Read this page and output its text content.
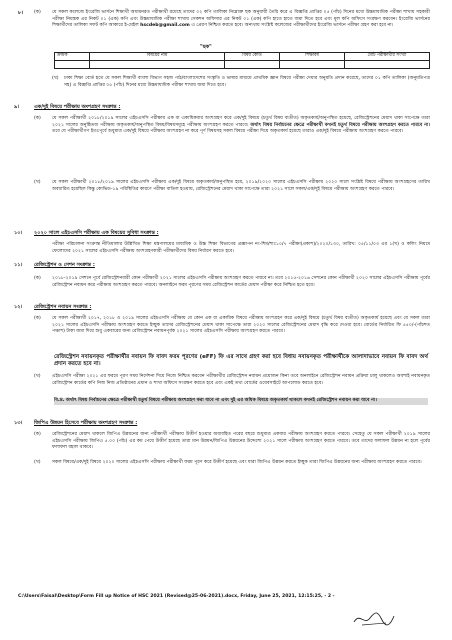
৮। (ক) যে সকল কলেজে ইংরেজি ভার্সনে শিক্ষার্থী অধ্যয়নরত পরীক্ষার্থী রয়েছে তাদের ০২ কপি তালিকা নিম্নোক্ত ছক অনুযায়ী তৈরি করে এ বিজ্ঞপ্তি প্রাপ্তির ০৫ (পাঁচ) দিনের মধ্যে উচ্চমাধ্যমিক পরীক্ষা শাখায় সহকারী পরীক্ষা নিয়ন্ত্রক এর নিকট ০১ (এক) কপি এবং উচ্চমাধ্যমিক পরীক্ষা শাখায় সেকশন অফিসার এর নিকট ০১ (এক) কপি হাতে হাতে জমা দিতে হবে এবং মূল কপি অফিসে সংরক্ষণ করবেন। ইংরেজি ভার্সনের শিক্ষার্থীদের তালিকা সফট কপি আকারে ই-মেইল hscdeb@gmail.com এ প্রেরণ নিশ্চিত করতে হবে। অন্যথায় সংশ্লিষ্ট কলেজের পরীক্ষার্থীদের ইংরেজি ভার্সনে পরীক্ষা গ্রহণ করা হবে না।
"ছক"
ক্রমিক	বিষয়ের নাম	বিষয় কোড	শিক্ষাবর্ষ	মোট পরীক্ষার্থীর সংখ্যা

(খ) ঢাকা শিক্ষা বোর্ড হতে যে সকল শিক্ষার্থী বাংলা বিভাগ সহজ পাঠ/বাংলাদেশের সংস্কৃতি ও ভাষার মাধ্যমে প্রাথমিক জ্ঞান বিষয়ে পরীক্ষা দেয়ার অনুমতি প্রদান করেছে, তাদের ০১ কপি তালিকা (অনুমতিপত্র সহ) এ বিজ্ঞপ্তি প্রাপ্তির ০৫ (পাঁচ) দিনের মধ্যে উচ্চমাধ্যমিক পরীক্ষা শাখায় জমা দিতে হবে।
৯।	এক/দুই বিষয়ে পরীক্ষায় অংশগ্রহণ সংক্রান্ত :
(ক) যে সকল পরীক্ষার্থী ২০১৮/২০১৯ সালের এইচএসসি পরীক্ষায় এক বা একাধিকবার অংশগ্রহণ করে এক/দুই বিষয়ে (চতুর্থ বিষয় ব্যতীত) অকৃতকার্য/অনুপস্থিত হয়েছে, রেজিস্ট্রেশনের মেয়াদ থাকা সাপেক্ষে তারা ২০২১ সালের অনুষ্ঠিতব্য পরীক্ষায় অকৃতকার্য/অনুপস্থিত বিষয়/বিষয়সমূহে পরীক্ষায় অংশগ্রহণ করতে পারবে। অর্থাৎ বিষয় নির্বাচনের ক্ষেত্রে পরীক্ষার্থী কখনই চতুর্থ বিষয়ে পরীক্ষায় অংশগ্রহণ করতে পারবে না। তবে যে পরীক্ষার্থীগণ ইতঃপূর্বে শুধুমাত্র এক/দুই বিষয়ে পরীক্ষায় অংশগ্রহণ না করে পূর্ণ বিষয়সহ সকল বিষয়ে পরীক্ষা দিয়ে অকৃতকার্য হয়েছে তারাও এক/দুই বিষয়ে পরীক্ষায় অংশগ্রহণ করতে পারবে।
(খ) যে সকল পরীক্ষার্থী ২০১৮/২০১৯ সালের এইচএসসি পরীক্ষায় এক/দুই বিষয়ে অকৃতকার্য/অনুপস্থিত হয়ে, ২০১৯/২০২০ সালের এইচএসসি পরীক্ষায় ২০২০ সালে সংশ্লিষ্ট বিষয়ে পরীক্ষায় অংশগ্রহণের তারিখ অবধারিত হয়েছিল কিন্তু কোভিড-১৯ পরিস্থিতির কারণে পরীক্ষা বাতিল হওয়ায়, রেজিস্ট্রেশনের মেয়াদ থাকা সাপেক্ষে তারা ২০২১ সালে সকল/এক/দুই বিষয়ে পরীক্ষায় অংশগ্রহণ করতে পারবে।
১০। ২০২০ সালে এইচএসসি পরীক্ষায় এক বিষয়ের সুবিধা সংক্রান্ত :
পরীক্ষা পরিচালনা সংক্রান্ত নীতিমালার উল্লিখিত শিক্ষা মন্ত্রণালয়ের মাধ্যমিক ও উচ্চ শিক্ষা বিভাগের প্রজ্ঞাপন নং-শিম/শাঃ১০/৭ পরীক্ষা(প্রকাশ)/২০২০/১৩০, তারিখ: ০৫/১১/০৩ এর ১(খ) ও কলিং নিয়মে ফেলোদের ২০২১ সালের এইচএসসি পরীক্ষায় অংশগ্রহণকারী পরীক্ষার্থীদের বিষয় নির্ধারণ করতে হবে।
১১। রেজিস্ট্রেশন ও সেশন সংক্রান্ত :
(ক) ২০১৮-২০১৯ সেশনে পূর্বে রেজিস্ট্রেশনধারী কোন পরীক্ষার্থী ২০২১ সালের এইচএসসি পরীক্ষায় অংশগ্রহণ করতে পারবে না। তবে ২০১৫-২০১৬ সেশনের কোন পরীক্ষার্থী ২০২০ সালের এইচএসসি পরীক্ষায় পূর্বের রেজিস্ট্রেশন নবায়ন করে পরীক্ষায় অংশগ্রহণ করতে পারবে। অনলাইনে ফরম পূরণের সময় রেজিস্ট্রেশন কার্ডের মেয়াদ পরীক্ষা করে নিশ্চিত হতে হবে।
১২। রেজিস্ট্রেশন নবায়ন সংক্রান্ত :
(ক) যে সকল পরীক্ষার্থী ২০১৭, ২০১৮ ও ২০১৯ সালের এইচএসসি পরীক্ষায় যে কোন এক বা একাধিক বিষয়ে পরীক্ষায় অংশগ্রহণ করে এক/দুই বিষয়ে (চতুর্থ বিষয় ব্যতীত) অকৃতকার্য হয়েছে এবং যে সকল তারা ২০২১ সালের এইচএসসি পরীক্ষায় অংশগ্রহণ করতে ইচ্ছুক তাদের রেজিস্ট্রেশনের মেয়াদ থাকা সাপেক্ষে তারা ২০২০ সালের রেজিস্ট্রেশনের মেয়াদ বৃদ্ধি করে দেওয়া হবে। বোর্ডের নির্ধারিত ফি ৫৫০/-(পাঁচশত পঞ্চাশ) টাকা জমা দিয়ে শুধু একবারের জন্য রেজিস্ট্রেশন নবায়নপূর্বক ২০২১ সালের এইচএসসি পরীক্ষায় অংশগ্রহণ করতে পারবে।
রেজিস্ট্রেশন নবায়নকৃত পরীক্ষার্থীর নবায়ন ফি বাবদ ফরম পূরণের (eFF) ফি এর সাথে গ্রহণ করা হবে বিধায় নবায়নকৃত পরীক্ষার্থীকে আলাদাভাবে নবায়ন ফি বাবদ অর্থ প্রদান করতে হবে না।
(খ) এইচএসসি পরীক্ষা ২০২১ এর ফরমে পূরণ সময় নির্দেশনা দিয়ে নিজে নিশ্চিত করবেন পরীক্ষার্থীর রেজিস্ট্রেশন নবায়ন প্রয়োজন কিনা তবে অনলাইনে রেজিস্ট্রেশন নবায়ন প্রক্রিয়া চালু থাকলেও অবশ্যই নবায়নকৃত রেজিস্ট্রেশন কার্ডের কপি নিজ নিজ প্রতিষ্ঠানের প্রধান ও শাখা অফিসে সংরক্ষণ করতে হবে এবং একই তথ্য বোর্ডের ওয়েবসাইটে আপলোড করতে হবে।
বি.দ্র. অর্থাৎ বিষয় নির্বাচনের ক্ষেত্রে পরীক্ষার্থী চতুর্থ বিষয়ে পরীক্ষায় অংশগ্রহণ করা যাবে না এবং দুই এর অধিক বিষয়ে অকৃতকার্য থাকলে কখনই রেজিস্ট্রেশন নবায়ন করা যাবে না।
১৩। জিপিএ উন্নয়ন হিসেবে পরীক্ষায় অংশগ্রহণ সংক্রান্ত :
(ক) রেজিস্ট্রেশনের মেয়াদ থাকলে জিপিএ উন্নয়নের জন্য পরীক্ষার্থী পরীক্ষায় উত্তীর্ণ হওয়ার অব্যবহিত পরের বছরে শুধুমাত্র একবার পরীক্ষায় অংশগ্রহণ করতে পারবে। সেহেতু যে সকল পরীক্ষার্থী ২০১৯ সালের এইচএসসি পরীক্ষায় জিপিএ ৫.০০ (পাঁচ) এর কম পেয়ে উত্তীর্ণ হয়েছে তারা মান উন্নয়ন/জিপিএ উন্নয়নের উদ্দেশ্যে ২০২১ সালে পরীক্ষায় অংশগ্রহণ করতে পারবে। তবে তাদের ফলাফল উন্নয়ন না হলে পূর্বের ফলাফল বহাল থাকবে।
(খ) সকল বিষয়ে/এক/দুই বিষয়ে ২০২০ সালের এইচএসসি পরীক্ষায় পরীক্ষার্থী ফরম পূরণ করে উত্তীর্ণ হয়েছে এবং যারা জিপিএ উন্নয়ন করতে ইচ্ছুক তারা জিপিএ উন্নয়নের জন্য পরীক্ষায় অংশগ্রহণ করতে পারবে।
C:\Users\Faisal\Desktop\Form Fill up Notice of HSC 2021 (Revised@25-06-2021).docx, Friday, June 25, 2021, 12:15:25, - 2 -
